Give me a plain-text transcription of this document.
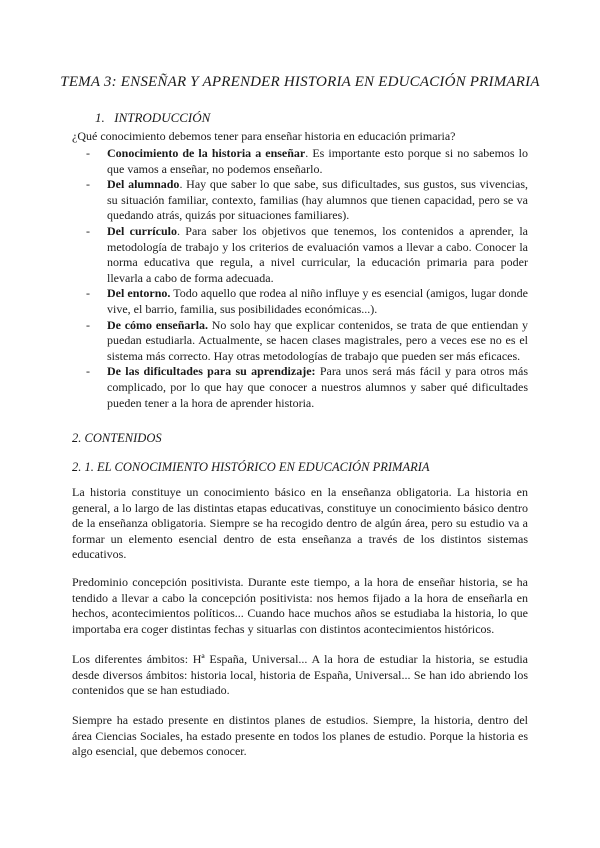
TEMA 3: ENSEÑAR Y APRENDER HISTORIA EN EDUCACIÓN PRIMARIA
1. INTRODUCCIÓN
¿Qué conocimiento debemos tener para enseñar historia en educación primaria?
- Conocimiento de la historia a enseñar. Es importante esto porque si no sabemos lo que vamos a enseñar, no podemos enseñarlo.
- Del alumnado. Hay que saber lo que sabe, sus dificultades, sus gustos, sus vivencias, su situación familiar, contexto, familias (hay alumnos que tienen capacidad, pero se va quedando atrás, quizás por situaciones familiares).
- Del currículo. Para saber los objetivos que tenemos, los contenidos a aprender, la metodología de trabajo y los criterios de evaluación vamos a llevar a cabo. Conocer la norma educativa que regula, a nivel curricular, la educación primaria para poder llevarla a cabo de forma adecuada.
- Del entorno. Todo aquello que rodea al niño influye y es esencial (amigos, lugar donde vive, el barrio, familia, sus posibilidades económicas...).
- De cómo enseñarla. No solo hay que explicar contenidos, se trata de que entiendan y puedan estudiarla. Actualmente, se hacen clases magistrales, pero a veces ese no es el sistema más correcto. Hay otras metodologías de trabajo que pueden ser más eficaces.
- De las dificultades para su aprendizaje: Para unos será más fácil y para otros más complicado, por lo que hay que conocer a nuestros alumnos y saber qué dificultades pueden tener a la hora de aprender historia.
2. CONTENIDOS
2. 1. EL CONOCIMIENTO HISTÓRICO EN EDUCACIÓN PRIMARIA

La historia constituye un conocimiento básico en la enseñanza obligatoria. La historia en general, a lo largo de las distintas etapas educativas, constituye un conocimiento básico dentro de la enseñanza obligatoria. Siempre se ha recogido dentro de algún área, pero su estudio va a formar un elemento esencial dentro de esta enseñanza a través de los distintos sistemas educativos.

Predominio concepción positivista. Durante este tiempo, a la hora de enseñar historia, se ha tendido a llevar a cabo la concepción positivista: nos hemos fijado a la hora de enseñarla en hechos, acontecimientos políticos... Cuando hace muchos años se estudiaba la historia, lo que importaba era coger distintas fechas y situarlas con distintos acontecimientos históricos.

Los diferentes ámbitos: Hª España, Universal... A la hora de estudiar la historia, se estudia desde diversos ámbitos: historia local, historia de España, Universal... Se han ido abriendo los contenidos que se han estudiado.

Siempre ha estado presente en distintos planes de estudios. Siempre, la historia, dentro del área Ciencias Sociales, ha estado presente en todos los planes de estudio. Porque la historia es algo esencial, que debemos conocer.
